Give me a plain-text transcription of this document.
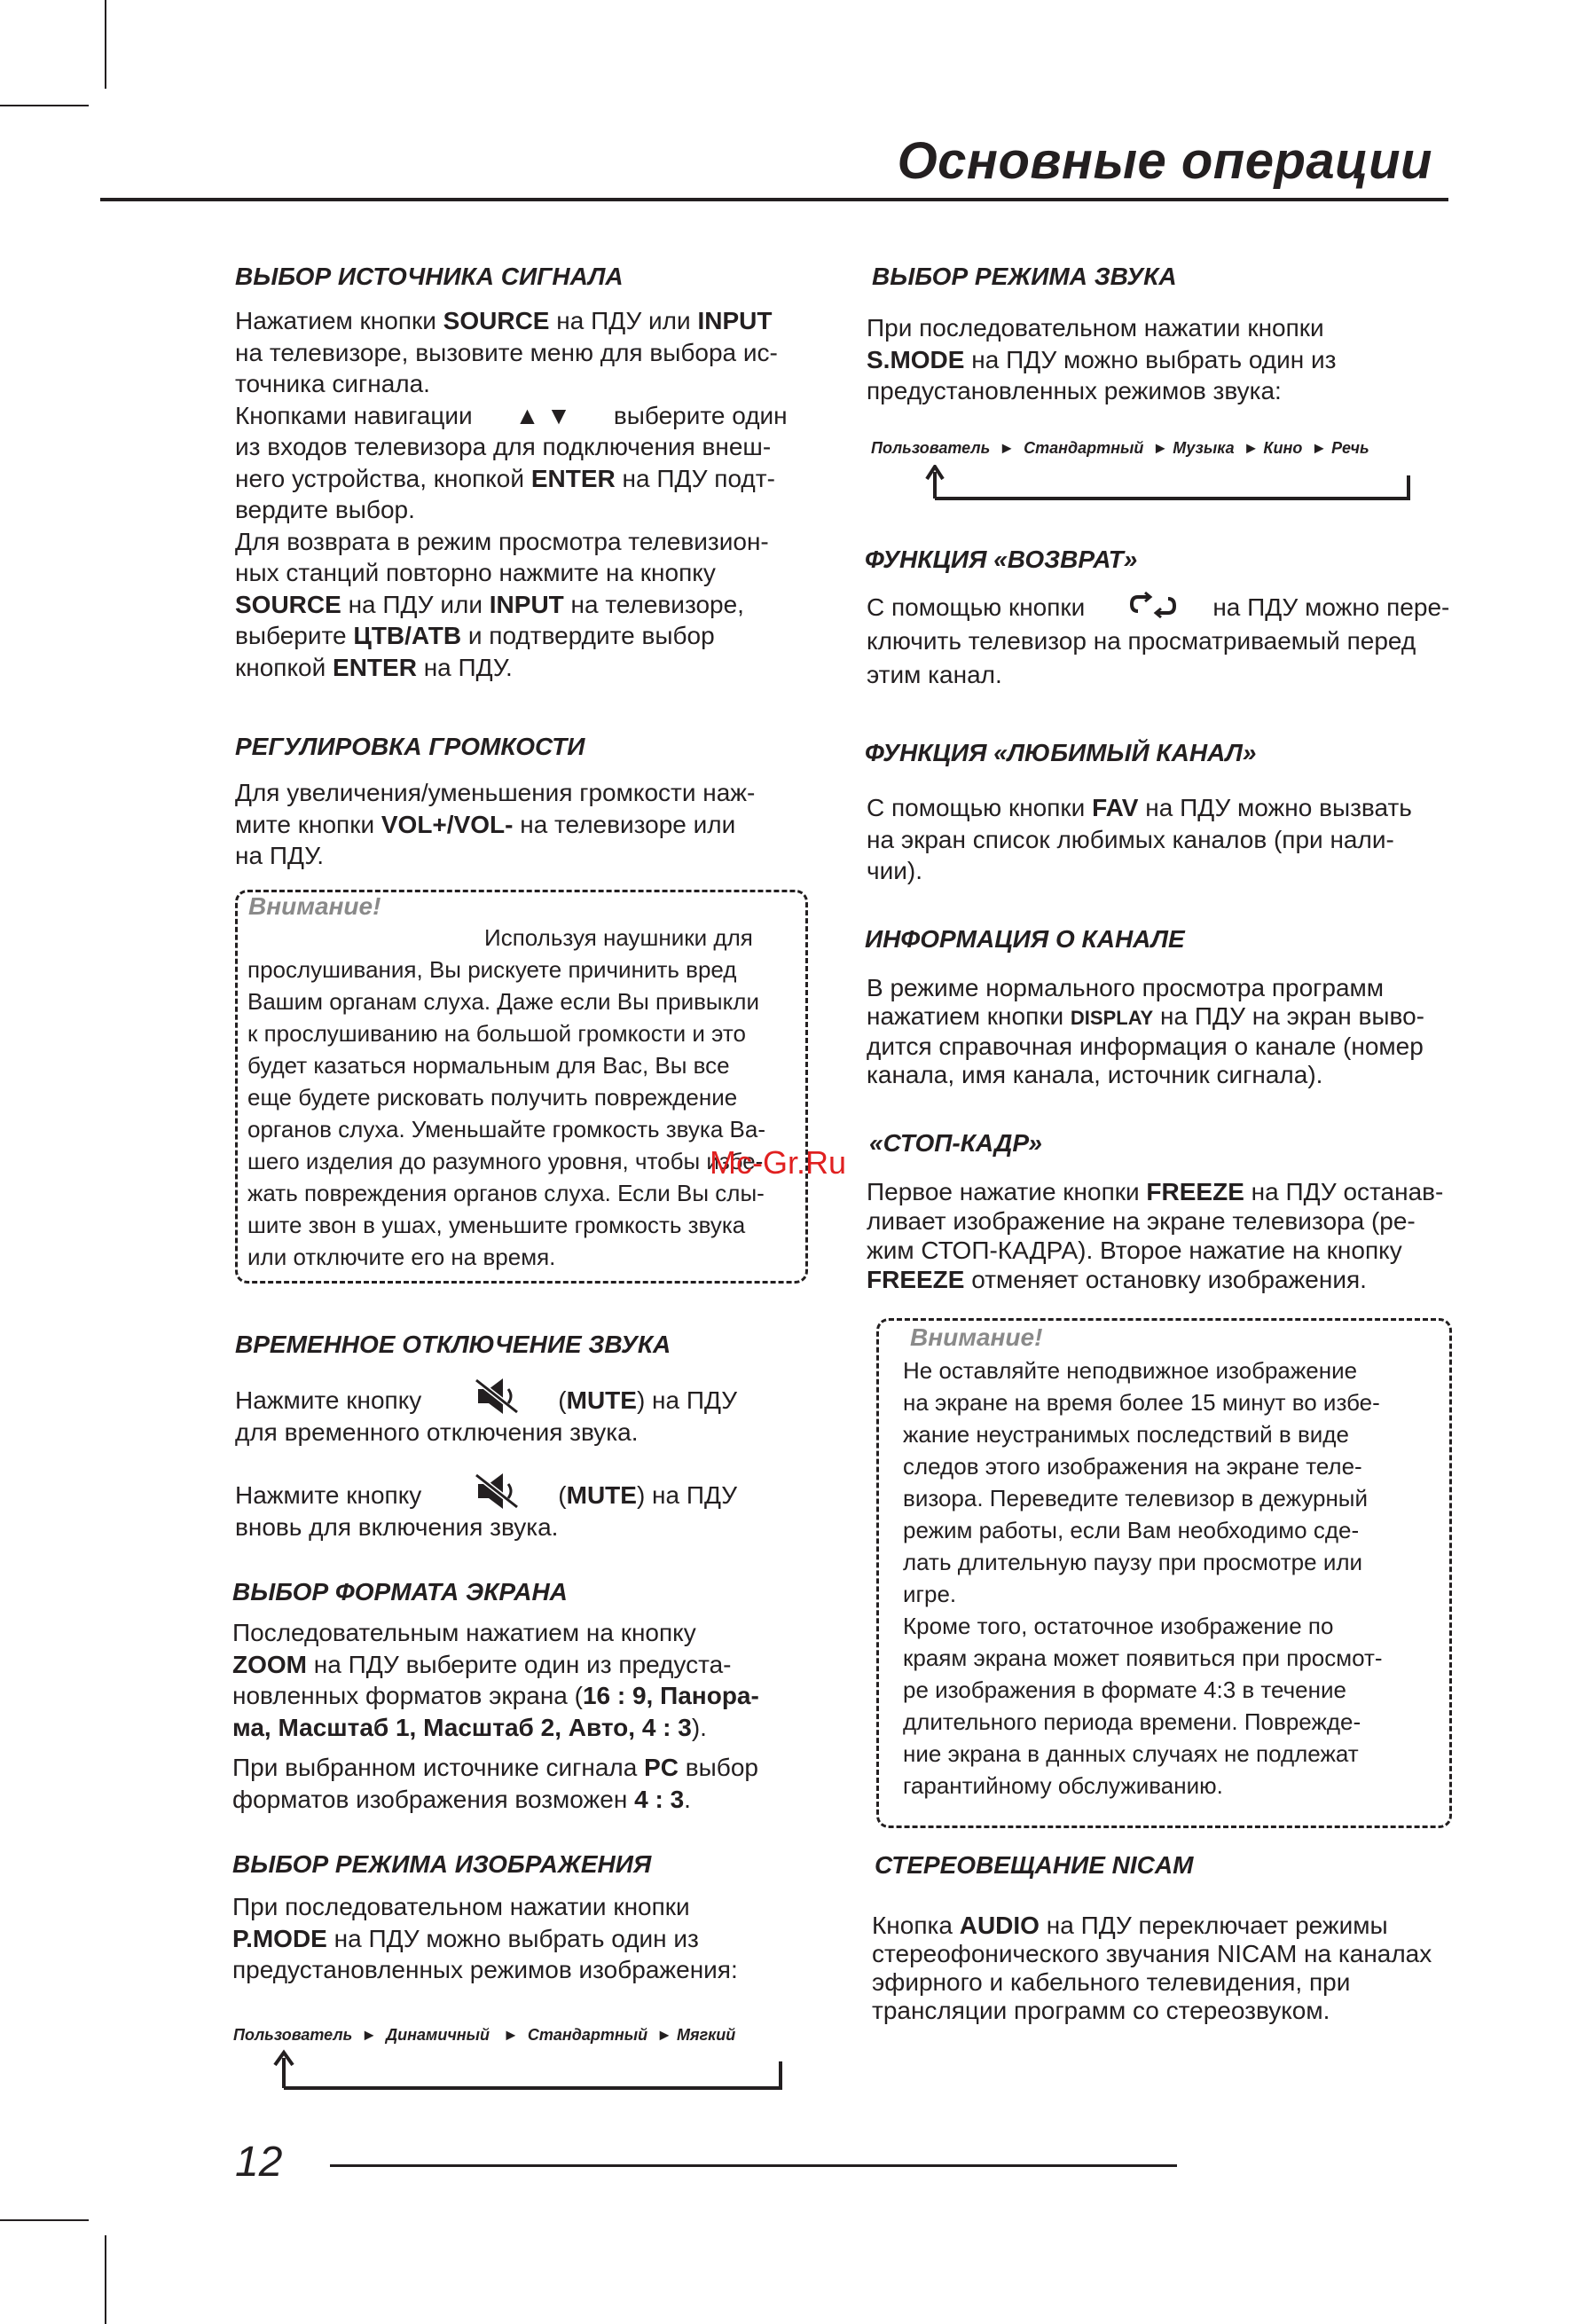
Основные операции

ВЫБОР ИСТОЧНИКА СИГНАЛА

Нажатием кнопки SOURCE на ПДУ или INPUT

на телевизоре, вызовите меню для выбора ис-

точника сигнала.

Кнопками навигации ▲ ▼ выберите один

из входов телевизора для подключения внеш-

него устройства, кнопкой ENTER на ПДУ подт-

вердите выбор.

Для возврата в режим просмотра телевизион-

ных станций повторно нажмите на кнопку

SOURCE на ПДУ или INPUT на телевизоре,

выберите ЦТВ/АТВ и подтвердите выбор

кнопкой ENTER на ПДУ.

РЕГУЛИРОВКА ГРОМКОСТИ

Для увеличения/уменьшения громкости наж-

мите кнопки VOL+/VOL- на телевизоре или

на ПДУ.

Внимание!
Используя наушники для
прослушивания, Вы рискуете причинить вред
Вашим органам слуха. Даже если Вы привыкли
к прослушиванию на большой громкости и это
будет казаться нормальным для Вас, Вы все
еще будете рисковать получить повреждение
органов слуха. Уменьшайте громкость звука Ва-
шего изделия до разумного уровня, чтобы избе-
жать повреждения органов слуха. Если Вы слы-
шите звон в ушах, уменьшите громкость звука
или отключите его на время.

ВРЕМЕННОЕ ОТКЛЮЧЕНИЕ ЗВУКА

Нажмите кнопку	(MUTE) на ПДУ

для временного отключения звука.

Нажмите кнопку	(MUTE) на ПДУ

вновь для включения звука.

ВЫБОР ФОРМАТА ЭКРАНА

Последовательным нажатием на кнопку

ZOOM на ПДУ выберите один из предуста-

новленных форматов экрана (16 : 9, Панора-

ма, Масштаб 1, Масштаб 2, Авто, 4 : 3).

При выбранном источнике сигнала PC выбор

форматов изображения возможен 4 : 3.

ВЫБОР РЕЖИМА ИЗОБРАЖЕНИЯ

При последовательном нажатии кнопки

P.MODE на ПДУ можно выбрать один из

предустановленных режимов изображения:

Пользователь  ►  Динамичный   ►  Стандартный  ► Мягкий

ВЫБОР РЕЖИМА ЗВУКА

При последовательном нажатии кнопки

S.MODE на ПДУ можно выбрать один из

предустановленных режимов звука:

Пользователь  ►  Стандартный  ► Музыка  ► Кино  ► Речь

ФУНКЦИЯ «ВОЗВРАТ»

С помощью кнопки	на ПДУ можно пере-

ключить телевизор на просматриваемый перед

этим канал.

ФУНКЦИЯ «ЛЮБИМЫЙ КАНАЛ»

С помощью кнопки FAV на ПДУ можно вызвать

на экран список любимых каналов (при нали-

чии).

ИНФОРМАЦИЯ О КАНАЛЕ

В режиме нормального просмотра программ

нажатием кнопки DISPLAY на ПДУ на экран выво-

дится справочная информация о канале (номер

канала, имя канала, источник сигнала).

«СТОП-КАДР»

Первое нажатие кнопки FREEZE на ПДУ останав-

ливает изображение на экране телевизора (ре-

жим СТОП-КАДРА). Второе нажатие на кнопку

FREEZE отменяет остановку изображения.

Внимание!
Не оставляйте неподвижное изображение
на экране на время более 15 минут во избе-
жание неустранимых последствий в виде
следов этого изображения на экране теле-
визора. Переведите телевизор в дежурный
режим работы, если Вам необходимо сде-
лать длительную паузу при просмотре или
игре.
Кроме того, остаточное изображение по
краям экрана может появиться при просмот-
ре изображения в формате 4:3 в течение
длительного периода времени. Поврежде-
ние экрана в данных случаях не подлежат
гарантийному обслуживанию.

СТЕРЕОВЕЩАНИЕ NICAM

Кнопка AUDIO на ПДУ переключает режимы

стереофонического звучания NICAM на каналах

эфирного и кабельного телевидения, при

трансляции программ со стереозвуком.

Mc-Gr.Ru
12
